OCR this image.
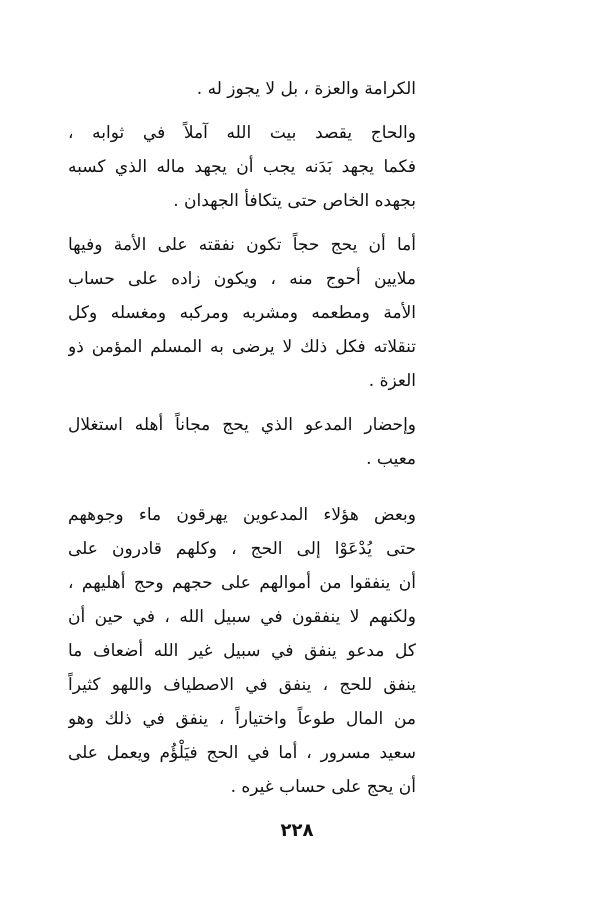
الكرامة والعزة ، بل لا يجوز له .
والحاج يقصد بيت الله آملاً في ثوابه ،
فكما يجهد بَدَنه يجب أن يجهد ماله الذي كسبه
بجهده الخاص حتى يتكافأ الجهدان .
أما أن يحج حجاً تكون نفقته على الأمة وفيها
ملايين أحوج منه ، ويكون زاده على حساب
الأمة ومطعمه ومشربه ومركبه ومغسله وكل
تنقلاته فكل ذلك لا يرضى به المسلم المؤمن ذو
العزة .
وإحضار المدعو الذي يحج مجاناً أهله استغلال
معيب .
وبعض هؤلاء المدعوين يهرقون ماء وجوههم
حتى يُدْعَوْا إلى الحج ، وكلهم قادرون على
أن ينفقوا من أموالهم على حجهم وحج أهليهم ،
ولكنهم لا ينفقون في سبيل الله ، في حين أن
كل مدعو ينفق في سبيل غير الله أضعاف ما
ينفق للحج ، ينفق في الاصطياف واللهو كثيراً
من المال طوعاً واختياراً ، ينفق في ذلك وهو
سعيد مسرور ، أما في الحج فيَلْؤُم ويعمل على
أن يحج على حساب غيره .
٢٢٨
